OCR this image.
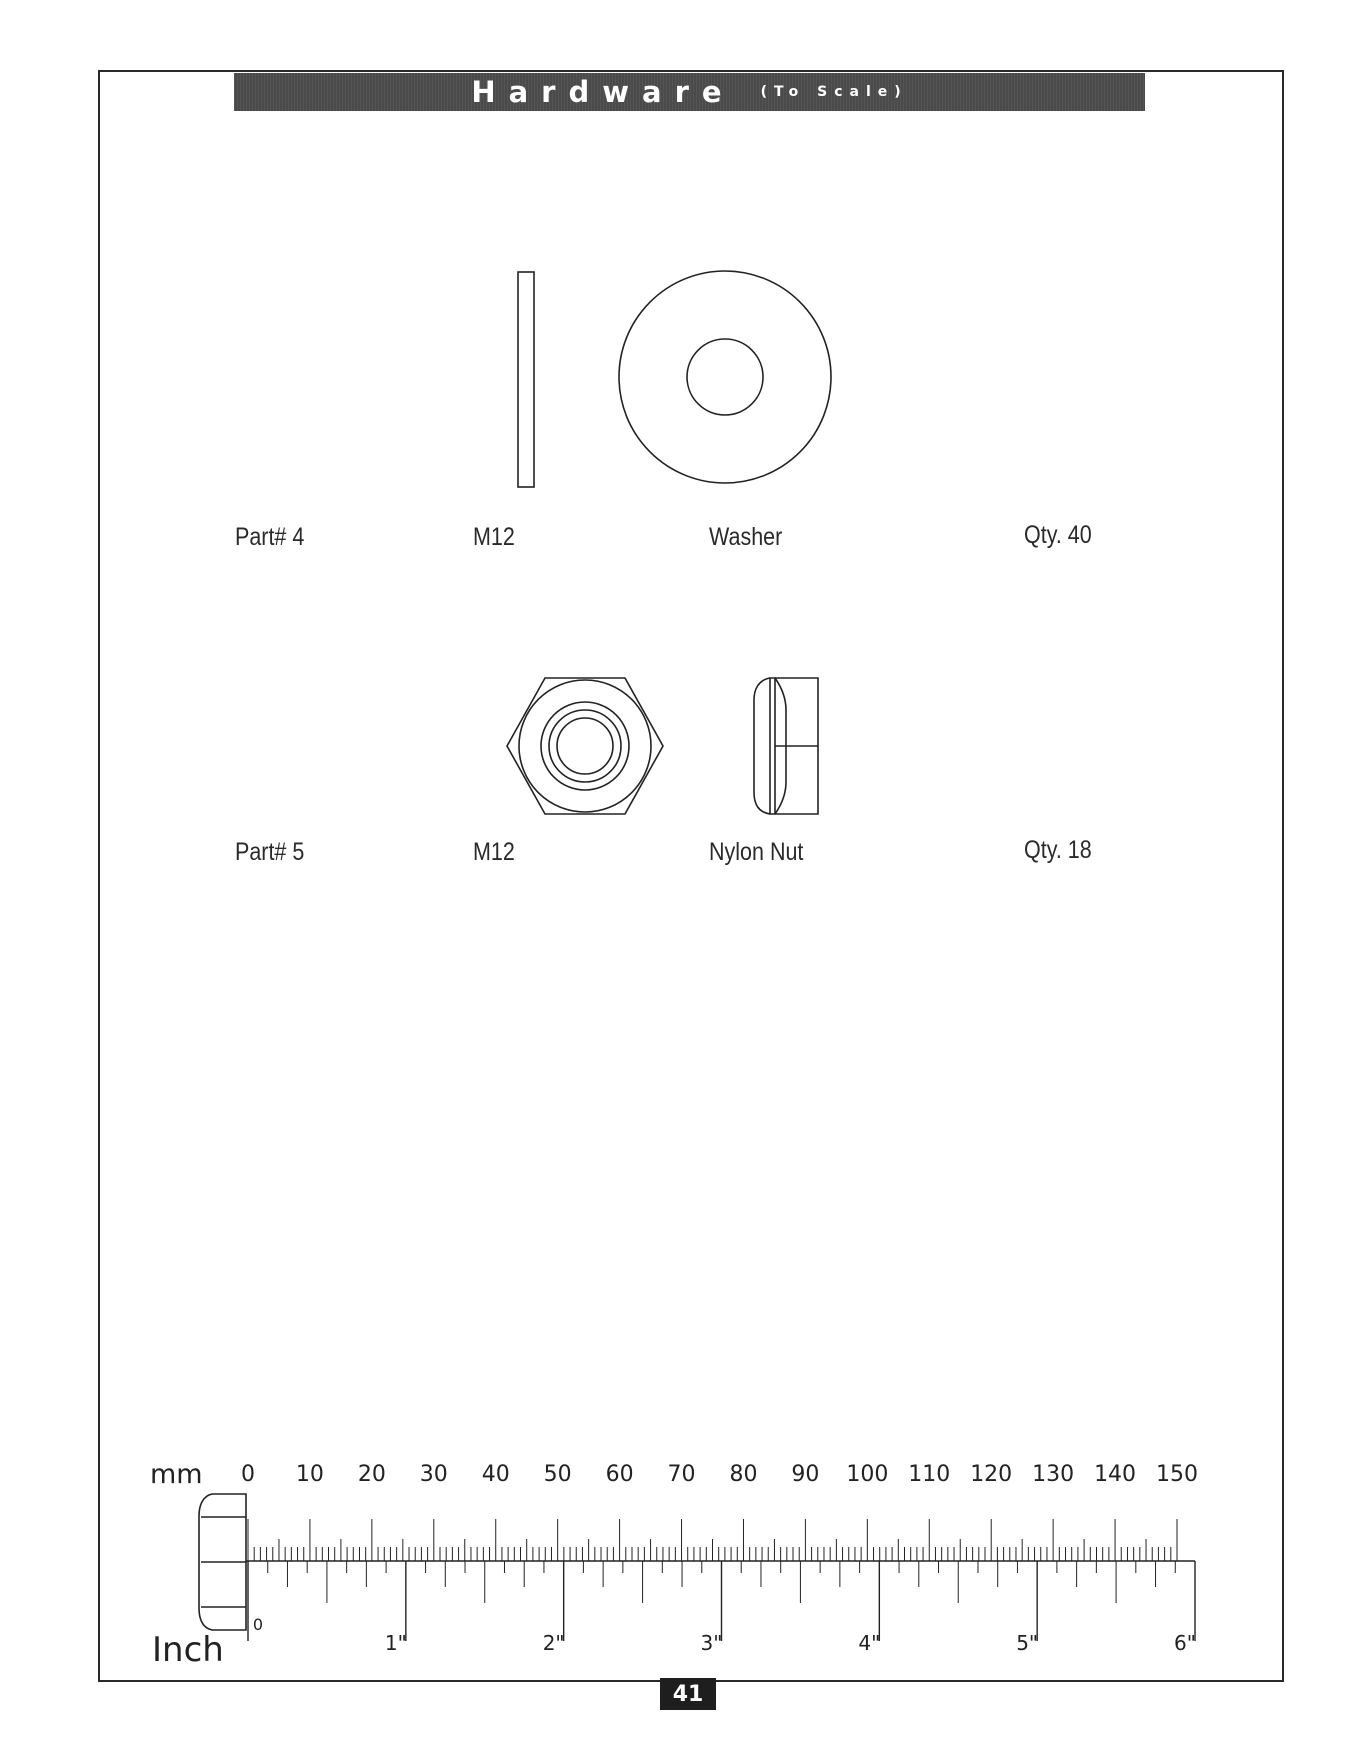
Hardware (To Scale)
Part# 4	M12	Washer	Qty. 40
Part# 5	M12	Nylon Nut	Qty. 18
mm
Inch
0 10 20 30 40 50 60 70 80 90 100 110 120 130 140 150
0
1"	2"	3"	4"	5"	6"
41
